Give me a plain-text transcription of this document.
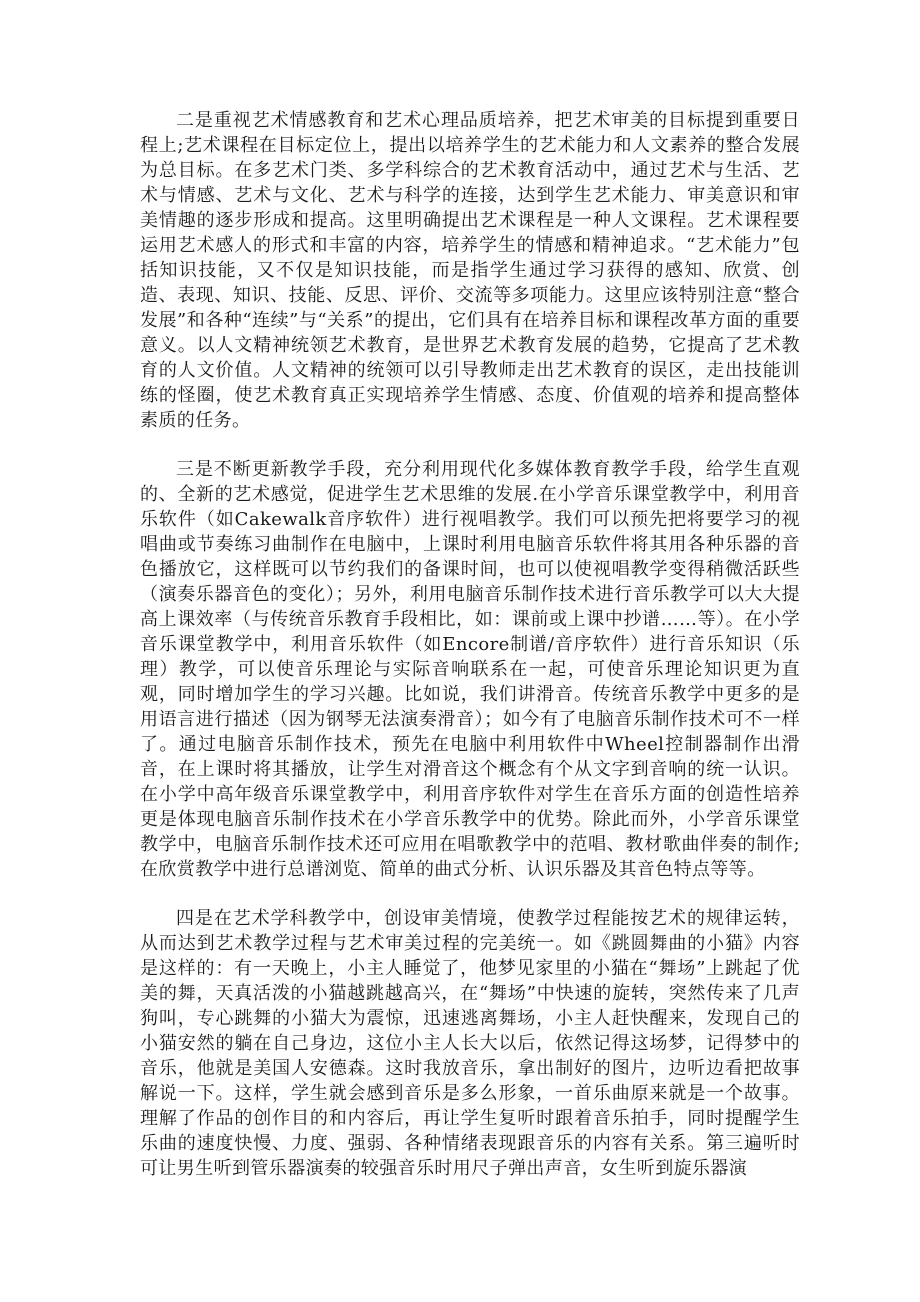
二是重视艺术情感教育和艺术心理品质培养，把艺术审美的目标提到重要日程上;艺术课程在目标定位上，提出以培养学生的艺术能力和人文素养的整合发展为总目标。在多艺术门类、多学科综合的艺术教育活动中，通过艺术与生活、艺术与情感、艺术与文化、艺术与科学的连接，达到学生艺术能力、审美意识和审美情趣的逐步形成和提高。这里明确提出艺术课程是一种人文课程。艺术课程要运用艺术感人的形式和丰富的内容，培养学生的情感和精神追求。“艺术能力”包括知识技能，又不仅是知识技能，而是指学生通过学习获得的感知、欣赏、创造、表现、知识、技能、反思、评价、交流等多项能力。这里应该特别注意“整合发展”和各种“连续”与“关系”的提出，它们具有在培养目标和课程改革方面的重要意义。以人文精神统领艺术教育，是世界艺术教育发展的趋势，它提高了艺术教育的人文价值。人文精神的统领可以引导教师走出艺术教育的误区，走出技能训练的怪圈，使艺术教育真正实现培养学生情感、态度、价值观的培养和提高整体素质的任务。

三是不断更新教学手段，充分利用现代化多媒体教育教学手段，给学生直观的、全新的艺术感觉，促进学生艺术思维的发展.在小学音乐课堂教学中，利用音乐软件（如Cakewalk音序软件）进行视唱教学。我们可以预先把将要学习的视唱曲或节奏练习曲制作在电脑中，上课时利用电脑音乐软件将其用各种乐器的音色播放它，这样既可以节约我们的备课时间，也可以使视唱教学变得稍微活跃些（演奏乐器音色的变化）；另外，利用电脑音乐制作技术进行音乐教学可以大大提高上课效率（与传统音乐教育手段相比，如：课前或上课中抄谱……等）。在小学音乐课堂教学中，利用音乐软件（如Encore制谱/音序软件）进行音乐知识（乐理）教学，可以使音乐理论与实际音响联系在一起，可使音乐理论知识更为直观，同时增加学生的学习兴趣。比如说，我们讲滑音。传统音乐教学中更多的是用语言进行描述（因为钢琴无法演奏滑音）；如今有了电脑音乐制作技术可不一样了。通过电脑音乐制作技术，预先在电脑中利用软件中Wheel控制器制作出滑音，在上课时将其播放，让学生对滑音这个概念有个从文字到音响的统一认识。在小学中高年级音乐课堂教学中，利用音序软件对学生在音乐方面的创造性培养更是体现电脑音乐制作技术在小学音乐教学中的优势。除此而外，小学音乐课堂教学中，电脑音乐制作技术还可应用在唱歌教学中的范唱、教材歌曲伴奏的制作;在欣赏教学中进行总谱浏览、简单的曲式分析、认识乐器及其音色特点等等。

四是在艺术学科教学中，创设审美情境，使教学过程能按艺术的规律运转，从而达到艺术教学过程与艺术审美过程的完美统一。如《跳圆舞曲的小猫》内容是这样的：有一天晚上，小主人睡觉了，他梦见家里的小猫在“舞场”上跳起了优美的舞，天真活泼的小猫越跳越高兴，在“舞场”中快速的旋转，突然传来了几声狗叫，专心跳舞的小猫大为震惊，迅速逃离舞场，小主人赶快醒来，发现自己的小猫安然的躺在自己身边，这位小主人长大以后，依然记得这场梦，记得梦中的音乐，他就是美国人安德森。这时我放音乐，拿出制好的图片，边听边看把故事解说一下。这样，学生就会感到音乐是多么形象，一首乐曲原来就是一个故事。理解了作品的创作目的和内容后，再让学生复听时跟着音乐拍手，同时提醒学生乐曲的速度快慢、力度、强弱、各种情绪表现跟音乐的内容有关系。第三遍听时可让男生听到管乐器演奏的较强音乐时用尺子弹出声音，女生听到旋乐器演
